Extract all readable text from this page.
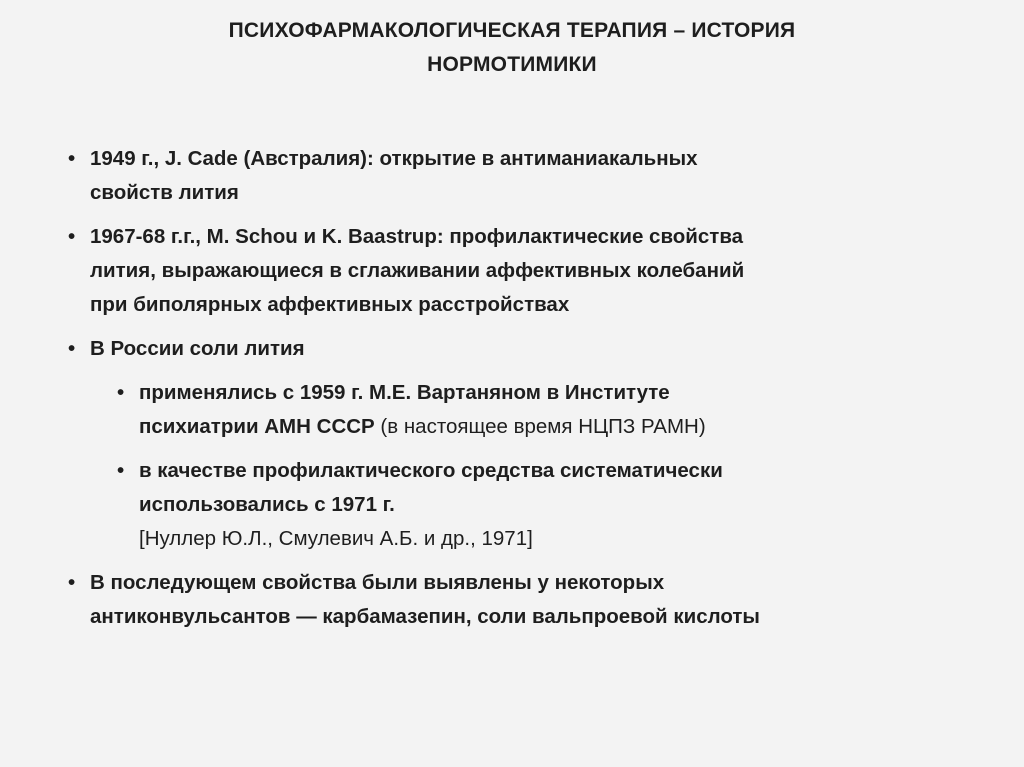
ПСИХОФАРМАКОЛОГИЧЕСКАЯ ТЕРАПИЯ – ИСТОРИЯ
НОРМОТИМИКИ
• 1949 г., J. Cade (Австралия): открытие в антиманиакальных
свойств лития
• 1967-68 г.г., M. Schou и K. Baastrup: профилактические свойства
лития, выражающиеся в сглаживании аффективных колебаний
при биполярных аффективных расстройствах
• В России соли лития
• применялись с 1959 г. М.Е. Вартаняном в Институте
психиатрии АМН СССР (в настоящее время НЦПЗ РАМН)
• в качестве профилактического средства систематически
использовались с 1971 г.
[Нуллер Ю.Л., Смулевич А.Б. и др., 1971]
• В последующем свойства были выявлены у некоторых
антиконвульсантов — карбамазепин, соли вальпроевой кислоты
